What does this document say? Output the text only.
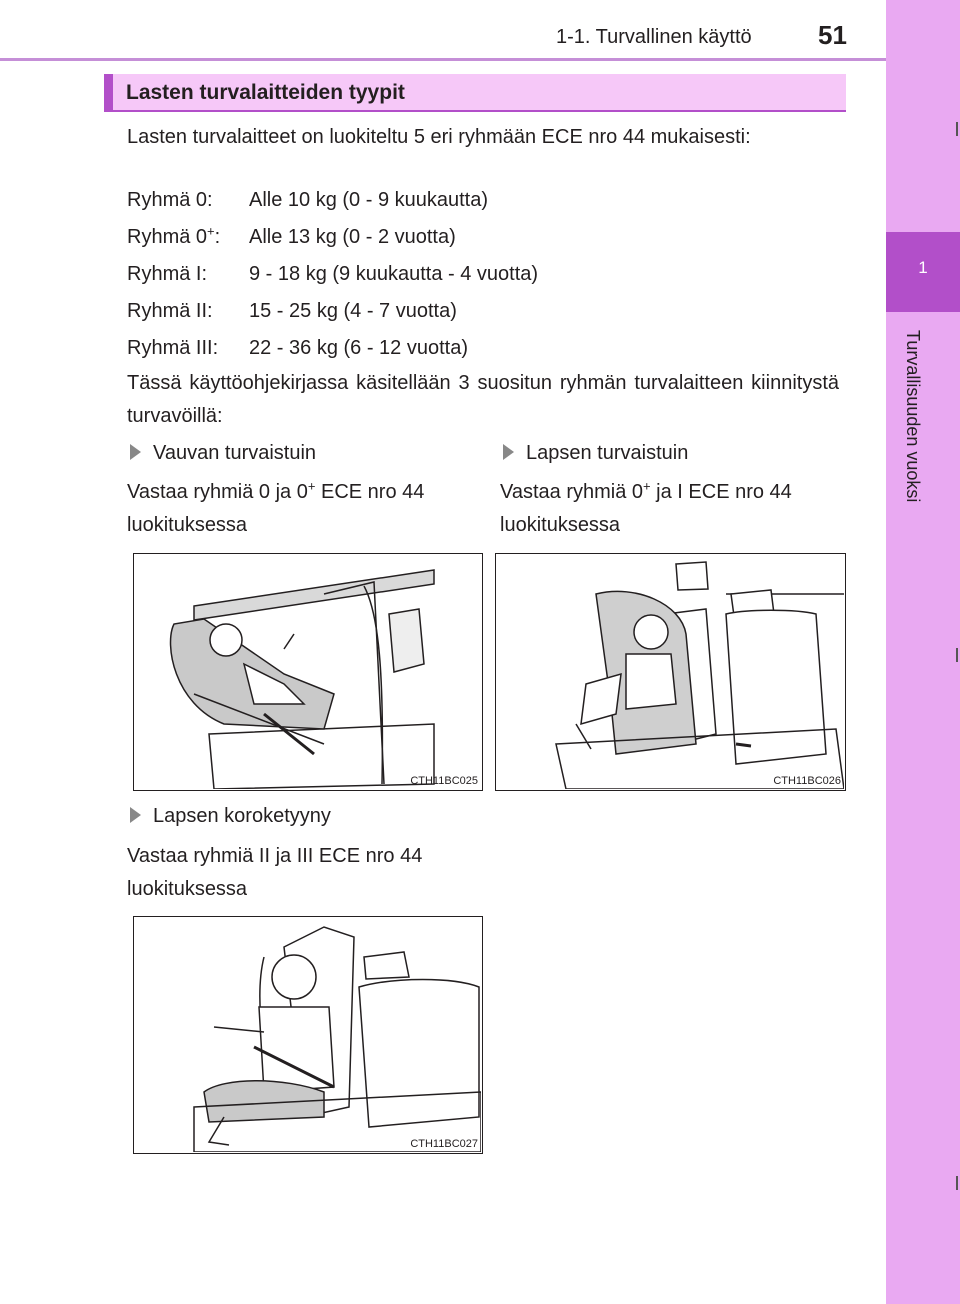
1-1. Turvallinen käyttö	51
1
Turvallisuuden vuoksi
Lasten turvalaitteiden tyypit
Lasten turvalaitteet on luokiteltu 5 eri ryhmään ECE nro 44 mukaisesti:
Ryhmä 0: Alle 10 kg (0 - 9 kuukautta)
Ryhmä 0+: Alle 13 kg (0 - 2 vuotta)
Ryhmä I: 9 - 18 kg (9 kuukautta - 4 vuotta)
Ryhmä II: 15 - 25 kg (4 - 7 vuotta)
Ryhmä III: 22 - 36 kg (6 - 12 vuotta)
Tässä käyttöohjekirjassa käsitellään 3 suositun ryhmän turvalaitteen kiinnitystä turvavöillä:
Vauvan turvaistuin
Vastaa ryhmiä 0 ja 0+ ECE nro 44
luokituksessa
Lapsen turvaistuin
Vastaa ryhmiä 0+ ja I ECE nro 44
luokituksessa
CTH11BC025	CTH11BC026
Lapsen koroketyyny
Vastaa ryhmiä II ja III ECE nro 44
luokituksessa
CTH11BC027
